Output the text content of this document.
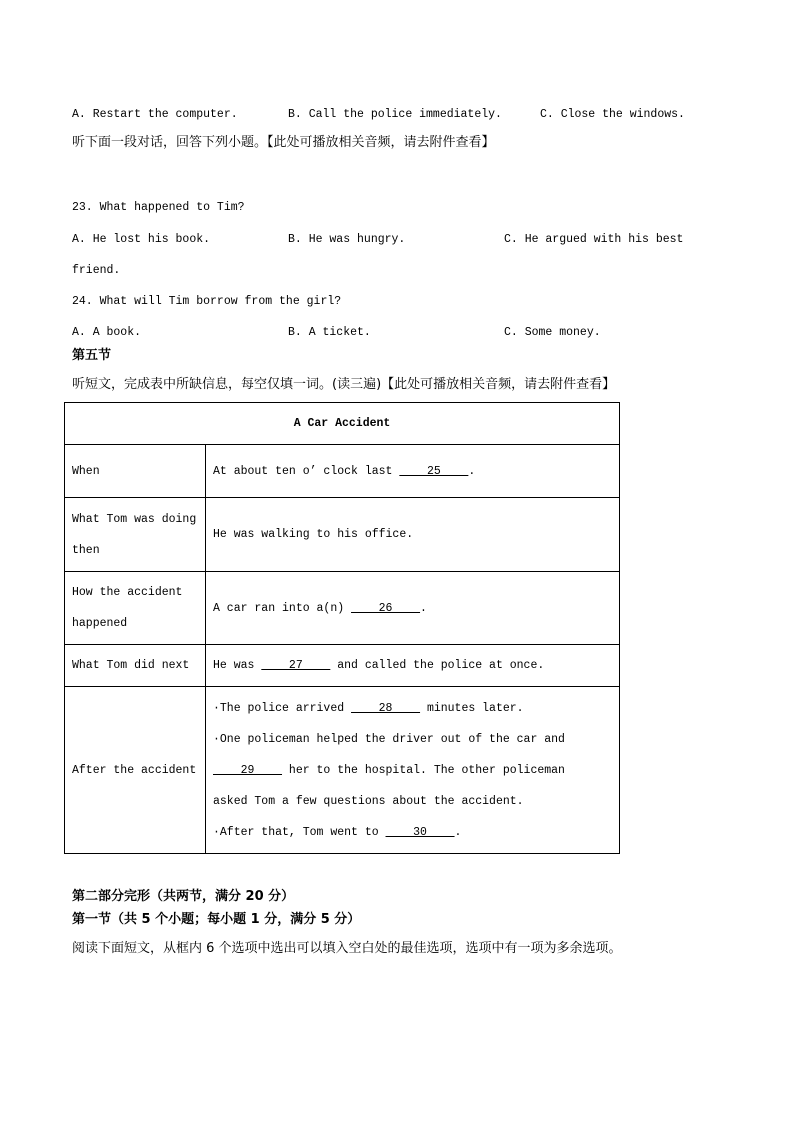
A. Restart the computer.	B. Call the police immediately.	C. Close the windows.
听下面一段对话，回答下列小题。【此处可播放相关音频，请去附件查看】
23. What happened to Tim?
A. He lost his book.	B. He was hungry.	C. He argued with his best
friend.
24. What will Tim borrow from the girl?
A. A book.	B. A ticket.	C. Some money.
第五节
听短文，完成表中所缺信息，每空仅填一词。(读三遍)【此处可播放相关音频，请去附件查看】
A Car Accident	
When	At about ten o’ clock last     25    .
What Tom was doing then	He was walking to his office.
How the accident happened	A car ran into a(n)     26    .
What Tom did next	He was     27     and called the police at once.
After the accident	·The police arrived     28     minutes later.
·One policeman helped the driver out of the car and
29     her to the hospital. The other policeman
asked Tom a few questions about the accident.
·After that, Tom went to     30    .
第二部分完形（共两节，满分 20 分）
第一节（共 5 个小题；每小题 1 分，满分 5 分）
阅读下面短文，从框内 6 个选项中选出可以填入空白处的最佳选项，选项中有一项为多余选项。
